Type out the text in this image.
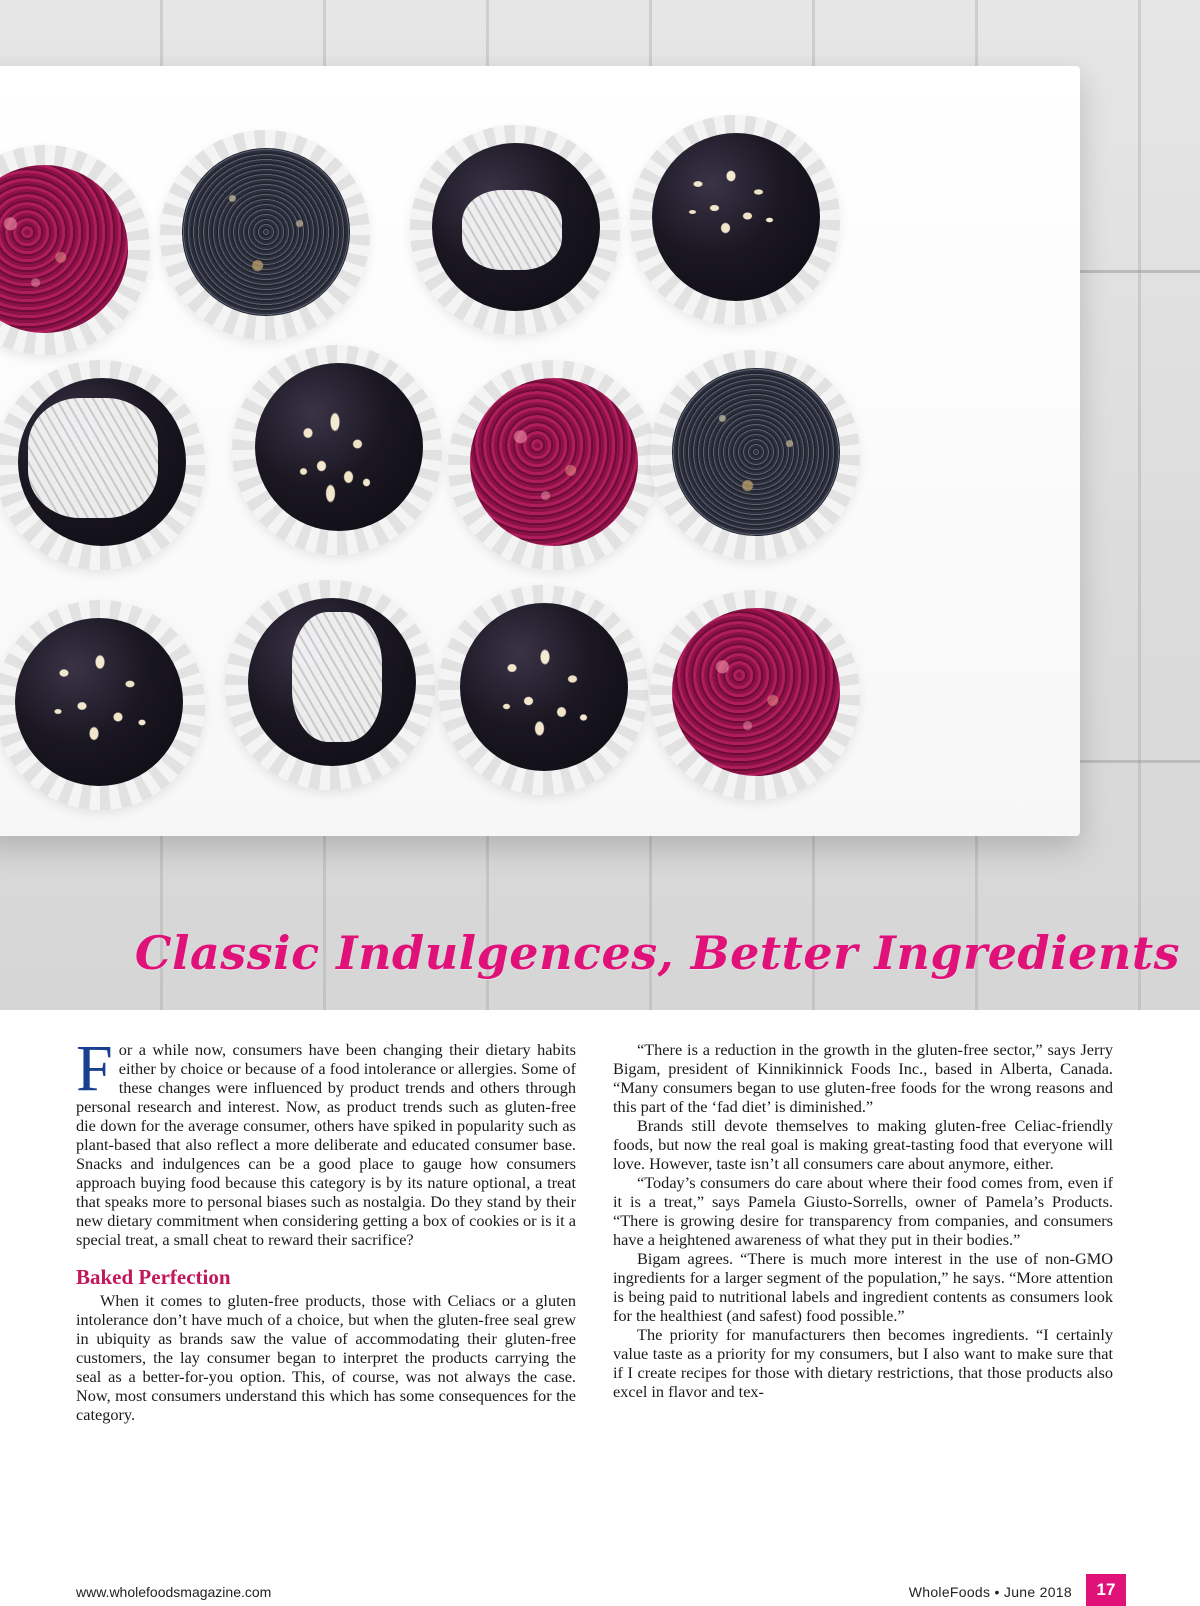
Classic Indulgences, Better Ingredients

For a while now, consumers have been changing their dietary habits either by choice or because of a food intolerance or allergies. Some of these changes were influenced by product trends and others through personal research and interest. Now, as product trends such as gluten-free die down for the average consumer, others have spiked in popularity such as plant-based that also reflect a more deliberate and educated consumer base. Snacks and indulgences can be a good place to gauge how consumers approach buying food because this category is by its nature optional, a treat that speaks more to personal biases such as nostalgia. Do they stand by their new dietary commitment when considering getting a box of cookies or is it a special treat, a small cheat to reward their sacrifice?

Baked Perfection

When it comes to gluten-free products, those with Celiacs or a gluten intolerance don’t have much of a choice, but when the gluten-free seal grew in ubiquity as brands saw the value of accommodating their gluten-free customers, the lay consumer began to interpret the products carrying the seal as a better-for-you option. This, of course, was not always the case. Now, most consumers understand this which has some consequences for the category.

“There is a reduction in the growth in the gluten-free sector,” says Jerry Bigam, president of Kinnikinnick Foods Inc., based in Alberta, Canada. “Many consumers began to use gluten-free foods for the wrong reasons and this part of the ‘fad diet’ is diminished.”

Brands still devote themselves to making gluten-free Celiac-friendly foods, but now the real goal is making great-tasting food that everyone will love. However, taste isn’t all consumers care about anymore, either.

“Today’s consumers do care about where their food comes from, even if it is a treat,” says Pamela Giusto-Sorrells, owner of Pamela’s Products. “There is growing desire for transparency from companies, and consumers have a heightened awareness of what they put in their bodies.”

Bigam agrees. “There is much more interest in the use of non-GMO ingredients for a larger segment of the population,” he says. “More attention is being paid to nutritional labels and ingredient contents as consumers look for the healthiest (and safest) food possible.”

The priority for manufacturers then becomes ingredients. “I certainly value taste as a priority for my consumers, but I also want to make sure that if I create recipes for those with dietary restrictions, that those products also excel in flavor and tex-

www.wholefoodsmagazine.com	WholeFoods • June 2018	17
